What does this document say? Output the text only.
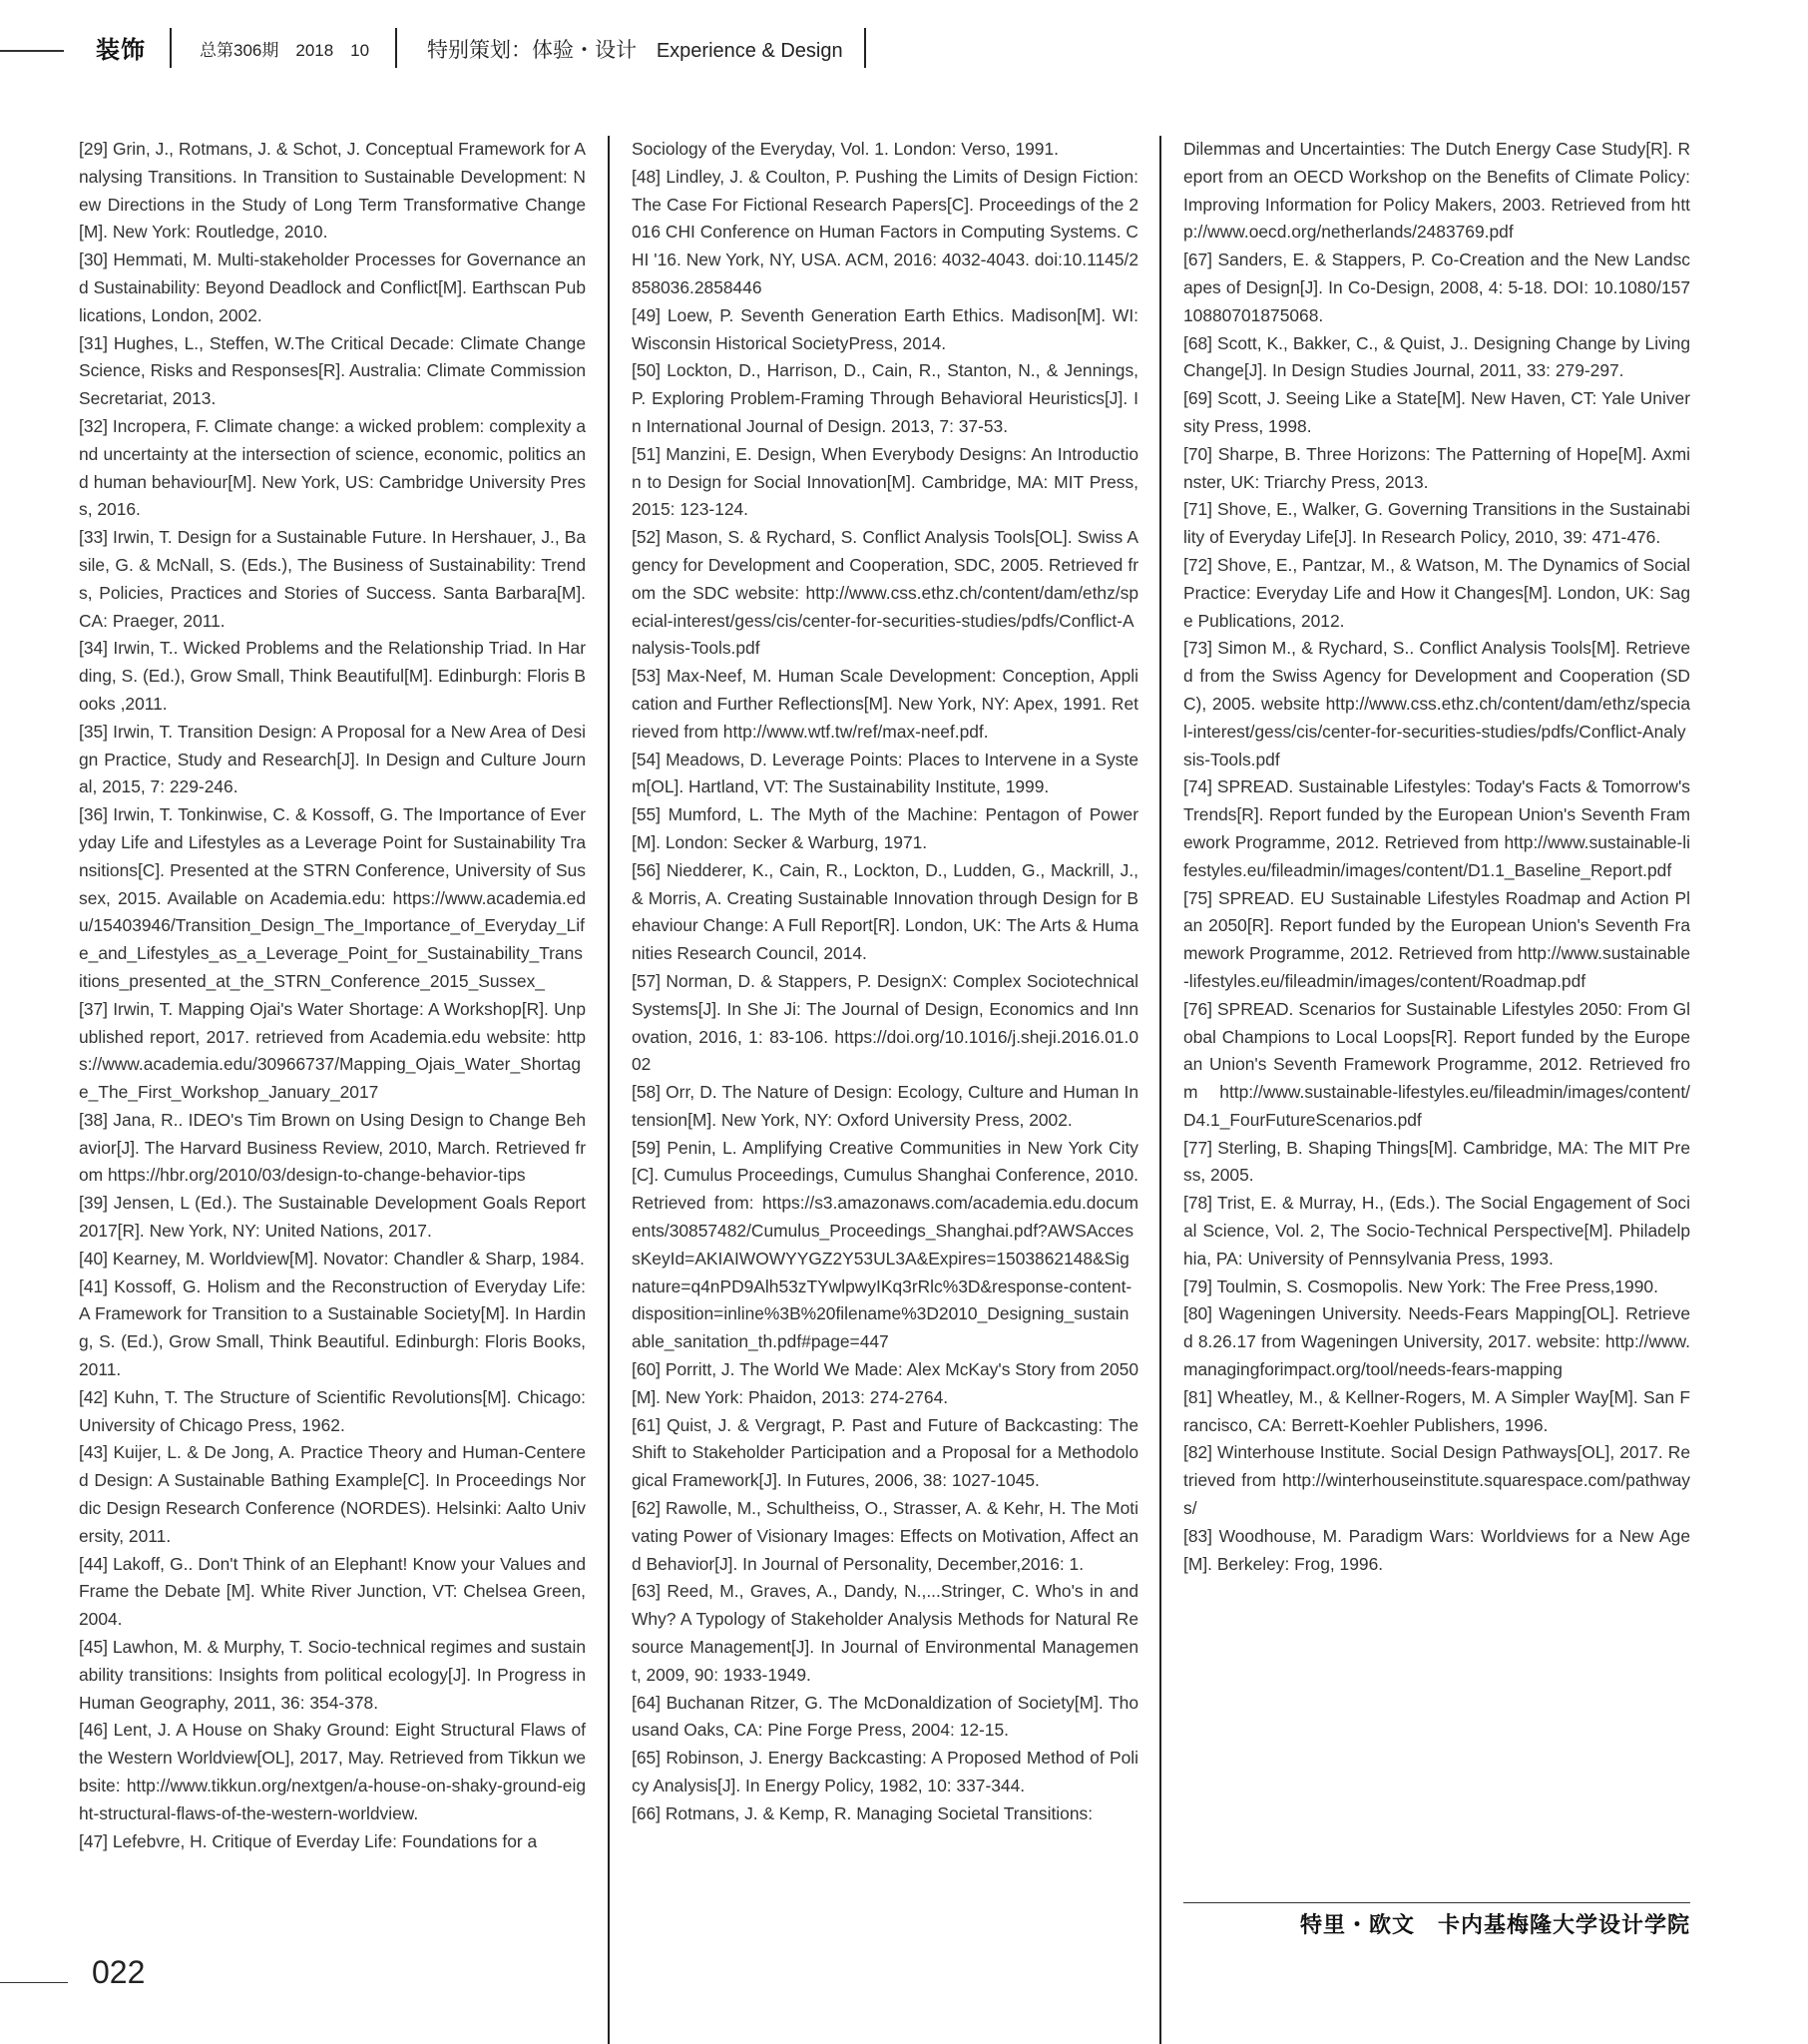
装饰	总第306期　2018　10	特别策划：体验・设计 Experience & Design

[29] Grin, J., Rotmans, J. & Schot, J. Conceptual Framework for Analysing Transitions. In Transition to Sustainable Development: New Directions in the Study of Long Term Transformative Change[M]. New York: Routledge, 2010.

[30] Hemmati, M. Multi-stakeholder Processes for Governance and Sustainability: Beyond Deadlock and Conflict[M]. Earthscan Publications, London, 2002.

[31] Hughes, L., Steffen, W.The Critical Decade: Climate Change Science, Risks and Responses[R]. Australia: Climate Commission Secretariat, 2013.

[32] Incropera, F. Climate change: a wicked problem: complexity and uncertainty at the intersection of science, economic, politics and human behaviour[M]. New York, US: Cambridge University Press, 2016.

[33] Irwin, T. Design for a Sustainable Future. In Hershauer, J., Basile, G. & McNall, S. (Eds.), The Business of Sustainability: Trends, Policies, Practices and Stories of Success. Santa Barbara[M]. CA: Praeger, 2011.

[34] Irwin, T.. Wicked Problems and the Relationship Triad. In Harding, S. (Ed.), Grow Small, Think Beautiful[M]. Edinburgh: Floris Books ,2011.

[35] Irwin, T. Transition Design: A Proposal for a New Area of Design Practice, Study and Research[J]. In Design and Culture Journal, 2015, 7: 229-246.

[36] Irwin, T. Tonkinwise, C. & Kossoff, G. The Importance of Everyday Life and Lifestyles as a Leverage Point for Sustainability Transitions[C]. Presented at the STRN Conference, University of Sussex, 2015. Available on Academia.edu: https://www.academia.edu/15403946/Transition_Design_The_Importance_of_Everyday_Life_and_Lifestyles_as_a_Leverage_Point_for_Sustainability_Transitions_presented_at_the_STRN_Conference_2015_Sussex_

[37] Irwin, T. Mapping Ojai's Water Shortage: A Workshop[R]. Unpublished report, 2017. retrieved from Academia.edu website: https://www.academia.edu/30966737/Mapping_Ojais_Water_Shortage_The_First_Workshop_January_2017

[38] Jana, R.. IDEO's Tim Brown on Using Design to Change Behavior[J]. The Harvard Business Review, 2010, March. Retrieved from https://hbr.org/2010/03/design-to-change-behavior-tips

[39] Jensen, L (Ed.). The Sustainable Development Goals Report 2017[R]. New York, NY: United Nations, 2017.

[40] Kearney, M. Worldview[M]. Novator: Chandler & Sharp, 1984.

[41] Kossoff, G. Holism and the Reconstruction of Everyday Life: A Framework for Transition to a Sustainable Society[M]. In Harding, S. (Ed.), Grow Small, Think Beautiful. Edinburgh: Floris Books, 2011.

[42] Kuhn, T. The Structure of Scientific Revolutions[M]. Chicago: University of Chicago Press, 1962.

[43] Kuijer, L. & De Jong, A. Practice Theory and Human-Centered Design: A Sustainable Bathing Example[C]. In Proceedings Nordic Design Research Conference (NORDES). Helsinki: Aalto University, 2011.

[44] Lakoff, G.. Don't Think of an Elephant! Know your Values and Frame the Debate [M]. White River Junction, VT: Chelsea Green, 2004.

[45] Lawhon, M. & Murphy, T. Socio-technical regimes and sustainability transitions: Insights from political ecology[J]. In Progress in Human Geography, 2011, 36: 354-378.

[46] Lent, J. A House on Shaky Ground: Eight Structural Flaws of the Western Worldview[OL], 2017, May. Retrieved from Tikkun website: http://www.tikkun.org/nextgen/a-house-on-shaky-ground-eight-structural-flaws-of-the-western-worldview.

[47] Lefebvre, H. Critique of Everday Life: Foundations for a

Sociology of the Everyday, Vol. 1. London: Verso, 1991.

[48] Lindley, J. & Coulton, P. Pushing the Limits of Design Fiction: The Case For Fictional Research Papers[C]. Proceedings of the 2016 CHI Conference on Human Factors in Computing Systems. CHI '16. New York, NY, USA. ACM, 2016: 4032-4043. doi:10.1145/2858036.2858446

[49] Loew, P. Seventh Generation Earth Ethics. Madison[M]. WI: Wisconsin Historical SocietyPress, 2014.

[50] Lockton, D., Harrison, D., Cain, R., Stanton, N., & Jennings, P. Exploring Problem-Framing Through Behavioral Heuristics[J]. In International Journal of Design. 2013, 7: 37-53.

[51] Manzini, E. Design, When Everybody Designs: An Introduction to Design for Social Innovation[M]. Cambridge, MA: MIT Press, 2015: 123-124.

[52] Mason, S. & Rychard, S. Conflict Analysis Tools[OL]. Swiss Agency for Development and Cooperation, SDC, 2005. Retrieved from the SDC website: http://www.css.ethz.ch/content/dam/ethz/special-interest/gess/cis/center-for-securities-studies/pdfs/Conflict-Analysis-Tools.pdf

[53] Max-Neef, M. Human Scale Development: Conception, Application and Further Reflections[M]. New York, NY: Apex, 1991. Retrieved from http://www.wtf.tw/ref/max-neef.pdf.

[54] Meadows, D. Leverage Points: Places to Intervene in a System[OL]. Hartland, VT: The Sustainability Institute, 1999.

[55] Mumford, L. The Myth of the Machine: Pentagon of Power[M]. London: Secker & Warburg, 1971.

[56] Niedderer, K., Cain, R., Lockton, D., Ludden, G., Mackrill, J., & Morris, A. Creating Sustainable Innovation through Design for Behaviour Change: A Full Report[R]. London, UK: The Arts & Humanities Research Council, 2014.

[57] Norman, D. & Stappers, P. DesignX: Complex Sociotechnical Systems[J]. In She Ji: The Journal of Design, Economics and Innovation, 2016, 1: 83-106. https://doi.org/10.1016/j.sheji.2016.01.002

[58] Orr, D. The Nature of Design: Ecology, Culture and Human Intension[M]. New York, NY: Oxford University Press, 2002.

[59] Penin, L. Amplifying Creative Communities in New York City[C]. Cumulus Proceedings, Cumulus Shanghai Conference, 2010. Retrieved from: https://s3.amazonaws.com/academia.edu.documents/30857482/Cumulus_Proceedings_Shanghai.pdf?AWSAccessKeyId=AKIAIWOWYYGZ2Y53UL3A&Expires=1503862148&Signature=q4nPD9Alh53zTYwlpwyIKq3rRlc%3D&response-content-disposition=inline%3B%20filename%3D2010_Designing_sustainable_sanitation_th.pdf#page=447

[60] Porritt, J. The World We Made: Alex McKay's Story from 2050[M]. New York: Phaidon, 2013: 274-2764.

[61] Quist, J. & Vergragt, P. Past and Future of Backcasting: The Shift to Stakeholder Participation and a Proposal for a Methodological Framework[J]. In Futures, 2006, 38: 1027-1045.

[62] Rawolle, M., Schultheiss, O., Strasser, A. & Kehr, H. The Motivating Power of Visionary Images: Effects on Motivation, Affect and Behavior[J]. In Journal of Personality, December,2016: 1.

[63] Reed, M., Graves, A., Dandy, N.,...Stringer, C. Who's in and Why? A Typology of Stakeholder Analysis Methods for Natural Resource Management[J]. In Journal of Environmental Management, 2009, 90: 1933-1949.

[64] Buchanan Ritzer, G. The McDonaldization of Society[M]. Thousand Oaks, CA: Pine Forge Press, 2004: 12-15.

[65] Robinson, J. Energy Backcasting: A Proposed Method of Policy Analysis[J]. In Energy Policy, 1982, 10: 337-344.

[66] Rotmans, J. & Kemp, R. Managing Societal Transitions:

Dilemmas and Uncertainties: The Dutch Energy Case Study[R]. Report from an OECD Workshop on the Benefits of Climate Policy: Improving Information for Policy Makers, 2003. Retrieved from http://www.oecd.org/netherlands/2483769.pdf

[67] Sanders, E. & Stappers, P. Co-Creation and the New Landscapes of Design[J]. In Co-Design, 2008, 4: 5-18. DOI: 10.1080/15710880701875068.

[68] Scott, K., Bakker, C., & Quist, J.. Designing Change by Living Change[J]. In Design Studies Journal, 2011, 33: 279-297.

[69] Scott, J. Seeing Like a State[M]. New Haven, CT: Yale University Press, 1998.

[70] Sharpe, B. Three Horizons: The Patterning of Hope[M]. Axminster, UK: Triarchy Press, 2013.

[71] Shove, E., Walker, G. Governing Transitions in the Sustainability of Everyday Life[J]. In Research Policy, 2010, 39: 471-476.

[72] Shove, E., Pantzar, M., & Watson, M. The Dynamics of Social Practice: Everyday Life and How it Changes[M]. London, UK: Sage Publications, 2012.

[73] Simon M., & Rychard, S.. Conflict Analysis Tools[M]. Retrieved from the Swiss Agency for Development and Cooperation (SDC), 2005. website http://www.css.ethz.ch/content/dam/ethz/special-interest/gess/cis/center-for-securities-studies/pdfs/Conflict-Analysis-Tools.pdf

[74] SPREAD. Sustainable Lifestyles: Today's Facts & Tomorrow's Trends[R]. Report funded by the European Union's Seventh Framework Programme, 2012. Retrieved from http://www.sustainable-lifestyles.eu/fileadmin/images/content/D1.1_Baseline_Report.pdf

[75] SPREAD. EU Sustainable Lifestyles Roadmap and Action Plan 2050[R]. Report funded by the European Union's Seventh Framework Programme, 2012. Retrieved from http://www.sustainable-lifestyles.eu/fileadmin/images/content/Roadmap.pdf

[76] SPREAD. Scenarios for Sustainable Lifestyles 2050: From Global Champions to Local Loops[R]. Report funded by the European Union's Seventh Framework Programme, 2012. Retrieved from http://www.sustainable-lifestyles.eu/fileadmin/images/content/ D4.1_FourFutureScenarios.pdf

[77] Sterling, B. Shaping Things[M]. Cambridge, MA: The MIT Press, 2005.

[78] Trist, E. & Murray, H., (Eds.). The Social Engagement of Social Science, Vol. 2, The Socio-Technical Perspective[M]. Philadelphia, PA: University of Pennsylvania Press, 1993.

[79] Toulmin, S. Cosmopolis. New York: The Free Press,1990.

[80] Wageningen University. Needs-Fears Mapping[OL]. Retrieved 8.26.17 from Wageningen University, 2017. website: http://www.managingforimpact.org/tool/needs-fears-mapping

[81] Wheatley, M., & Kellner-Rogers, M. A Simpler Way[M]. San Francisco, CA: Berrett-Koehler Publishers, 1996.

[82] Winterhouse Institute. Social Design Pathways[OL], 2017. Retrieved from http://winterhouseinstitute.squarespace.com/pathways/

[83] Woodhouse, M. Paradigm Wars: Worldviews for a New Age[M]. Berkeley: Frog, 1996.

022
特里・欧文　卡内基梅隆大学设计学院
